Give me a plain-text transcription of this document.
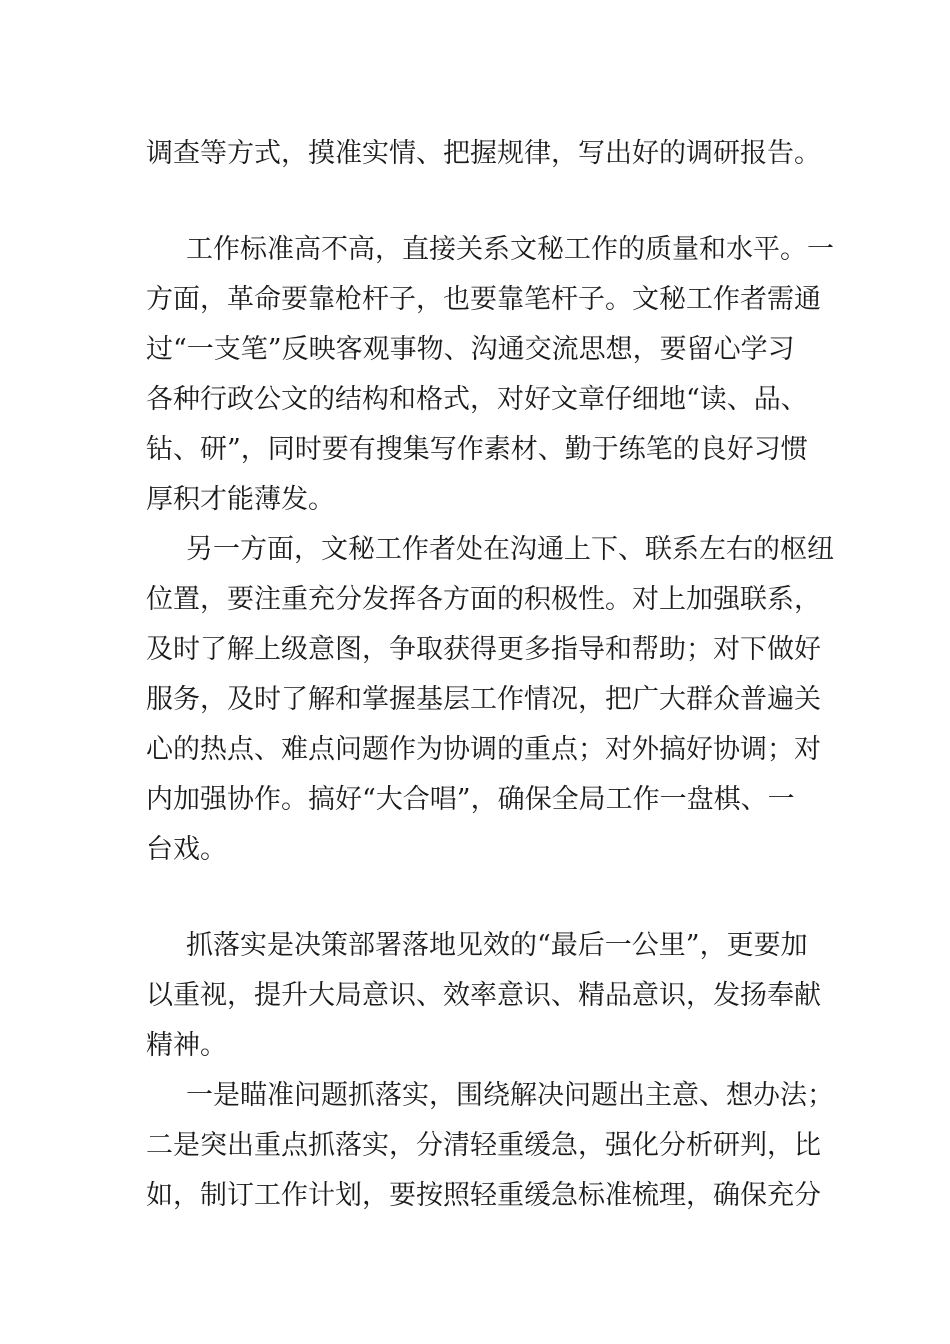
调查等方式，摸准实情、把握规律，写出好的调研报告。

工作标准高不高，直接关系文秘工作的质量和水平。一

方面，革命要靠枪杆子，也要靠笔杆子。文秘工作者需通

过“一支笔”反映客观事物、沟通交流思想，要留心学习

各种行政公文的结构和格式，对好文章仔细地“读、品、

钻、研”，同时要有搜集写作素材、勤于练笔的良好习惯

厚积才能薄发。

另一方面，文秘工作者处在沟通上下、联系左右的枢纽

位置，要注重充分发挥各方面的积极性。对上加强联系，

及时了解上级意图，争取获得更多指导和帮助；对下做好

服务，及时了解和掌握基层工作情况，把广大群众普遍关

心的热点、难点问题作为协调的重点；对外搞好协调；对

内加强协作。搞好“大合唱”，确保全局工作一盘棋、一

台戏。

抓落实是决策部署落地见效的“最后一公里”，更要加

以重视，提升大局意识、效率意识、精品意识，发扬奉献

精神。

一是瞄准问题抓落实，围绕解决问题出主意、想办法；

二是突出重点抓落实，分清轻重缓急，强化分析研判，比

如，制订工作计划，要按照轻重缓急标准梳理，确保充分
